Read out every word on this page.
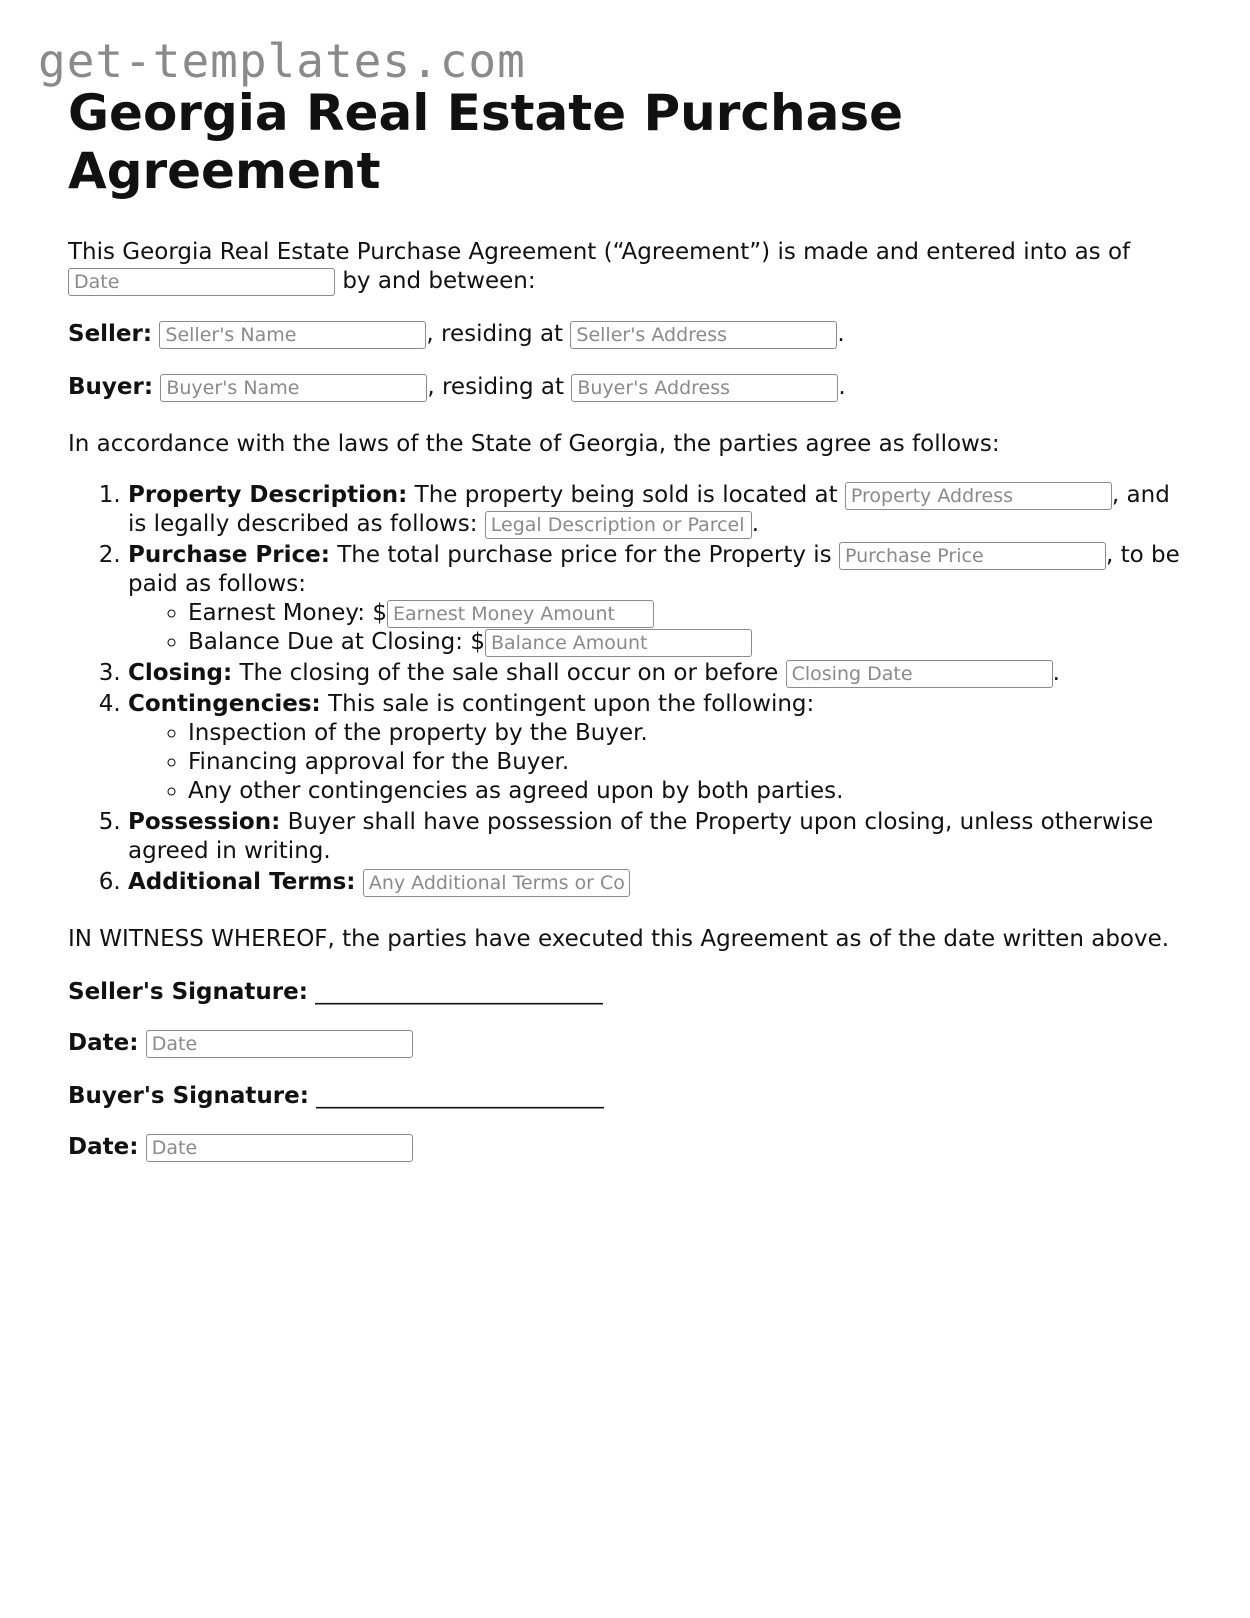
get-templates.com
Georgia Real Estate Purchase Agreement

This Georgia Real Estate Purchase Agreement (“Agreement”) is made and entered into as of Date by and between:

Seller: Seller's Name	, residing at Seller's Address	.

Buyer: Buyer's Name	, residing at Buyer's Address	.

In accordance with the laws of the State of Georgia, the parties agree as follows:

1. Property Description: The property being sold is located at Property Address	, and is legally described as follows: Legal Description or Parcel	.
2. Purchase Price: The total purchase price for the Property is Purchase Price	, to be paid as follows:
◦ Earnest Money: $Earnest Money Amount
◦ Balance Due at Closing: $Balance Amount
3. Closing: The closing of the sale shall occur on or before Closing Date	.
4. Contingencies: This sale is contingent upon the following:
◦ Inspection of the property by the Buyer.
◦ Financing approval for the Buyer.
◦ Any other contingencies as agreed upon by both parties.
5. Possession: Buyer shall have possession of the Property upon closing, unless otherwise agreed in writing.
6. Additional Terms: Any Additional Terms or Conditions

IN WITNESS WHEREOF, the parties have executed this Agreement as of the date written above.

Seller's Signature: _________________________

Date: Date

Buyer's Signature: _________________________

Date: Date
